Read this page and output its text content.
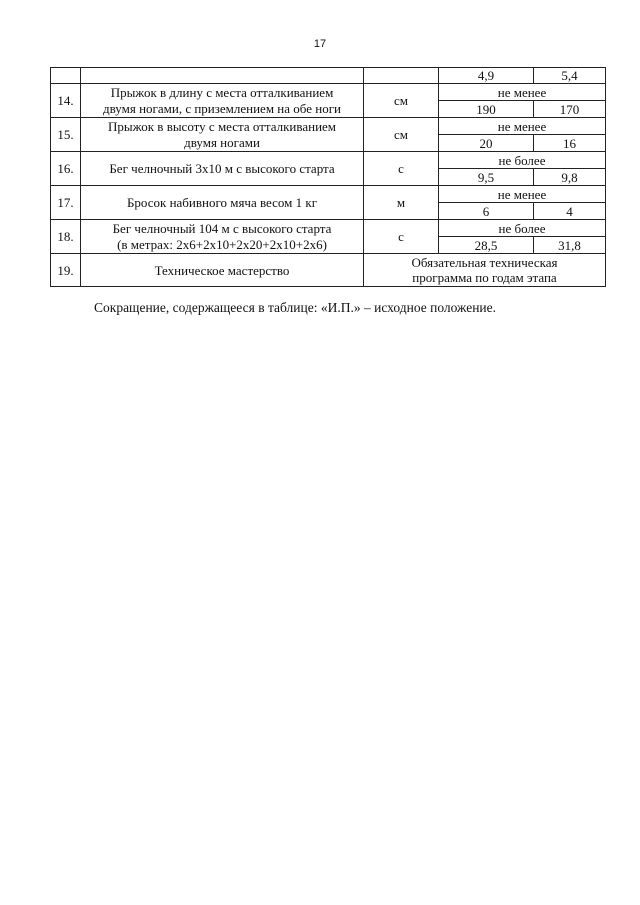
17
			4,9	5,4
14.	Прыжок в длину с места отталкиванием
двумя ногами, с приземлением на обе ноги	см	не менее	
			190	170
15.	Прыжок в высоту с места отталкиванием
двумя ногами	см	не менее	
			20	16
16.	Бег челночный 3x10 м с высокого старта	с	не более	
			9,5	9,8
17.	Бросок набивного мяча весом 1 кг	м	не менее	
			6	4
18.	Бег челночный 104 м с высокого старта
(в метрах: 2x6+2x10+2x20+2x10+2x6)	с	не более	
			28,5	31,8
19.	Техническое мастерство	Обязательная техническая
программа по годам этапа		
Сокращение, содержащееся в таблице: «И.П.» – исходное положение.
